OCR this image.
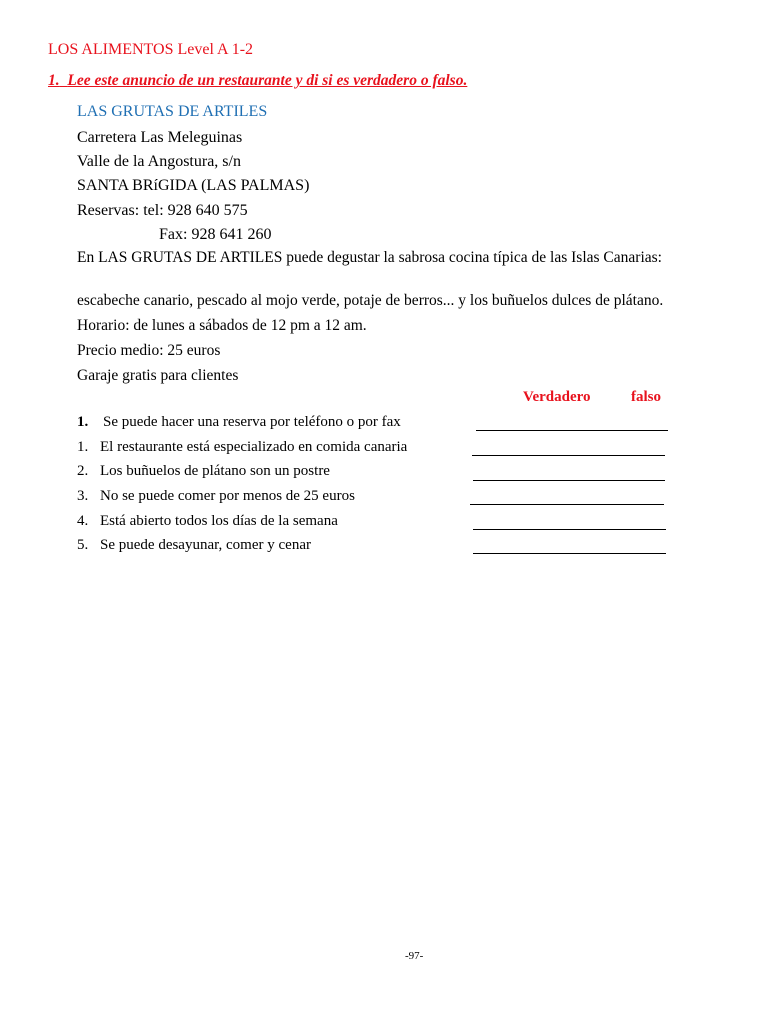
LOS ALIMENTOS Level A 1-2
1. Lee este anuncio de un restaurante y di si es verdadero o falso.
LAS GRUTAS DE ARTILES
Carretera Las Meleguinas
Valle de la Angostura, s/n
SANTA BRíGIDA (LAS PALMAS)
Reservas: tel: 928 640 575
Fax: 928 641 260
En LAS GRUTAS DE ARTILES puede degustar la sabrosa cocina típica de las Islas Canarias:
escabeche canario, pescado al mojo verde, potaje de berros... y los buñuelos dulces de plátano.
Horario: de lunes a sábados de 12 pm a 12 am.
Precio medio: 25 euros
Garaje gratis para clientes
Verdadero	falso
1. Se puede hacer una reserva por teléfono o por fax
1. El restaurante está especializado en comida canaria
2. Los buñuelos de plátano son un postre
3. No se puede comer por menos de 25 euros
4. Está abierto todos los días de la semana
5. Se puede desayunar, comer y cenar
-97-
